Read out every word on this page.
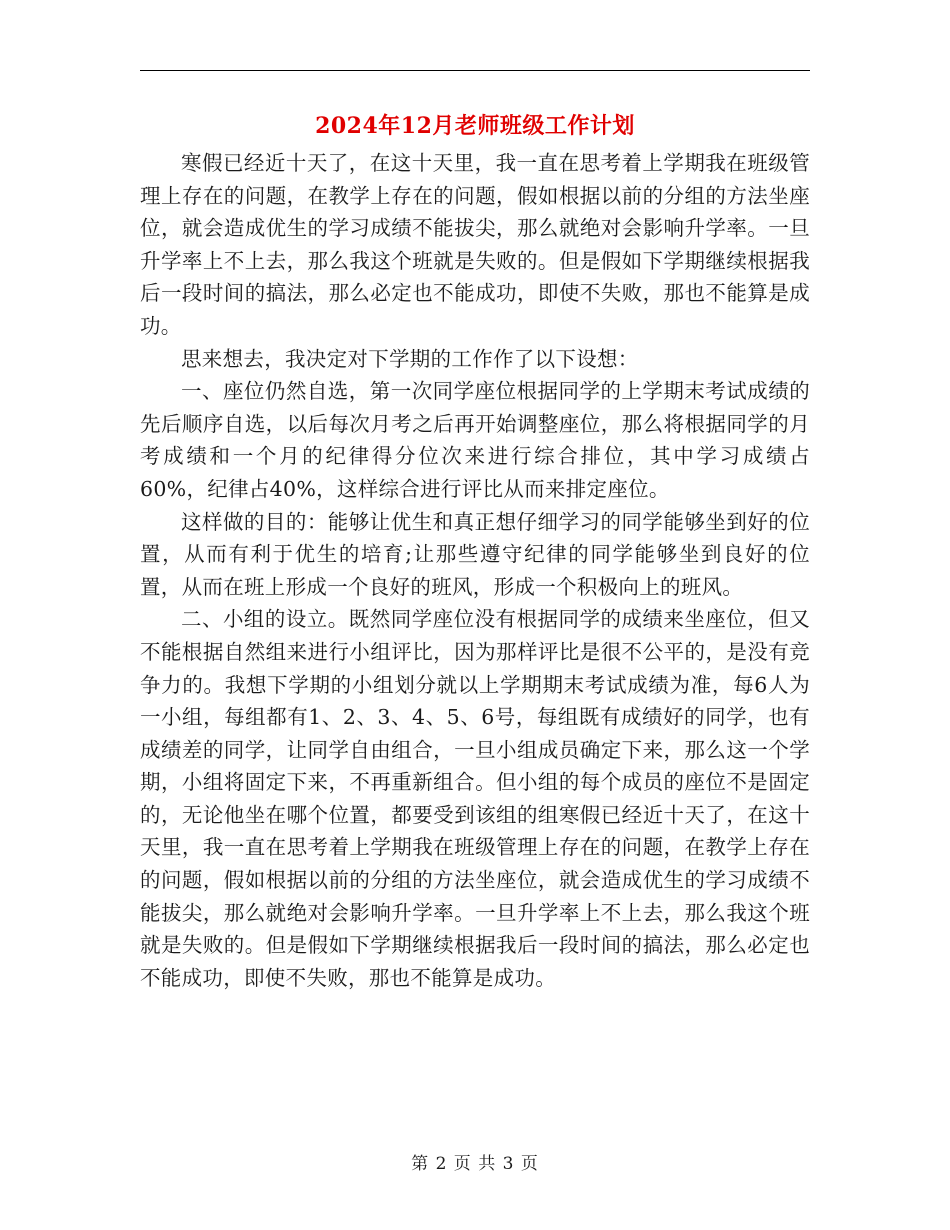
2024年12月老师班级工作计划

寒假已经近十天了，在这十天里，我一直在思考着上学期我在班级管理上存在的问题，在教学上存在的问题，假如根据以前的分组的方法坐座位，就会造成优生的学习成绩不能拔尖，那么就绝对会影响升学率。一旦升学率上不上去，那么我这个班就是失败的。但是假如下学期继续根据我后一段时间的搞法，那么必定也不能成功，即使不失败，那也不能算是成功。

思来想去，我决定对下学期的工作作了以下设想：

一、座位仍然自选，第一次同学座位根据同学的上学期末考试成绩的先后顺序自选，以后每次月考之后再开始调整座位，那么将根据同学的月考成绩和一个月的纪律得分位次来进行综合排位，其中学习成绩占60%，纪律占40%，这样综合进行评比从而来排定座位。

这样做的目的：能够让优生和真正想仔细学习的同学能够坐到好的位置，从而有利于优生的培育;让那些遵守纪律的同学能够坐到良好的位置，从而在班上形成一个良好的班风，形成一个积极向上的班风。

二、小组的设立。既然同学座位没有根据同学的成绩来坐座位，但又不能根据自然组来进行小组评比，因为那样评比是很不公平的，是没有竞争力的。我想下学期的小组划分就以上学期期末考试成绩为准，每6人为一小组，每组都有1、2、3、4、5、6号，每组既有成绩好的同学，也有成绩差的同学，让同学自由组合，一旦小组成员确定下来，那么这一个学期，小组将固定下来，不再重新组合。但小组的每个成员的座位不是固定的，无论他坐在哪个位置，都要受到该组的组寒假已经近十天了，在这十天里，我一直在思考着上学期我在班级管理上存在的问题，在教学上存在的问题，假如根据以前的分组的方法坐座位，就会造成优生的学习成绩不能拔尖，那么就绝对会影响升学率。一旦升学率上不上去，那么我这个班就是失败的。但是假如下学期继续根据我后一段时间的搞法，那么必定也不能成功，即使不失败，那也不能算是成功。

第 2 页 共 3 页
